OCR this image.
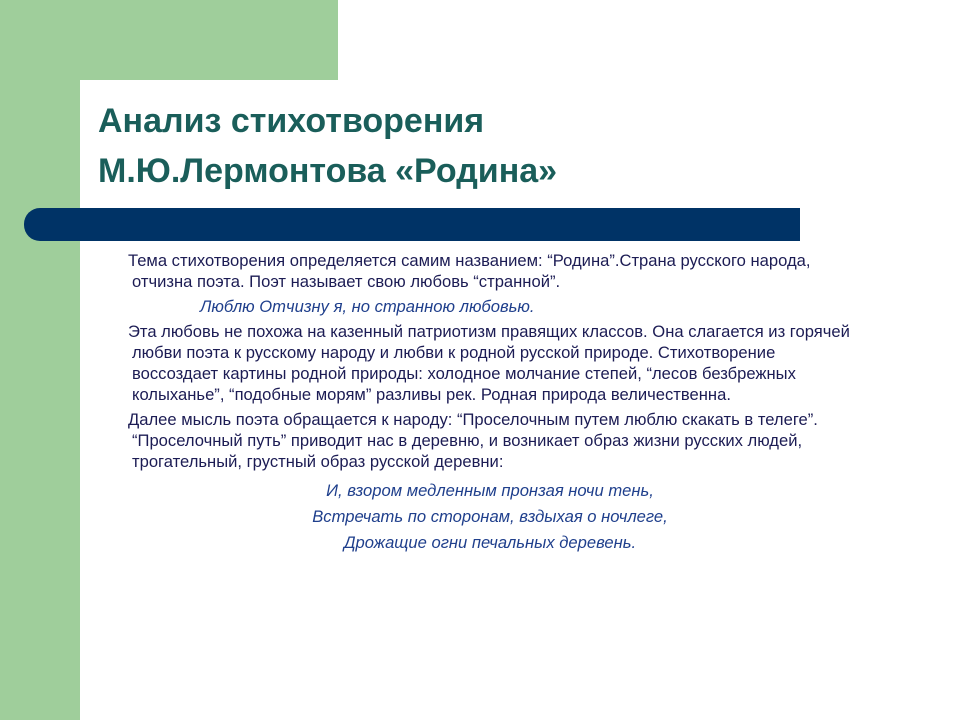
Анализ стихотворения
М.Ю.Лермонтова «Родина»

Тема стихотворения определяется самим названием: “Родина”.Страна русского народа, отчизна поэта. Поэт называет свою любовь “странной”.

Люблю Отчизну я, но странною любовью.

Эта любовь не похожа на казенный патриотизм правящих классов. Она слагается из горячей любви поэта к русскому народу и любви к родной русской природе. Стихотворение воссоздает картины родной природы: холодное молчание степей, “лесов безбрежных колыханье”, “подобные морям” разливы рек. Родная природа величественна.

Далее мысль поэта обращается к народу: “Проселочным путем люблю скакать в телеге”. “Проселочный путь” приводит нас в деревню, и возникает образ жизни русских людей, трогательный, грустный образ русской деревни:

И, взором медленным пронзая ночи тень,
Встречать по сторонам, вздыхая о ночлеге,
Дрожащие огни печальных деревень.
